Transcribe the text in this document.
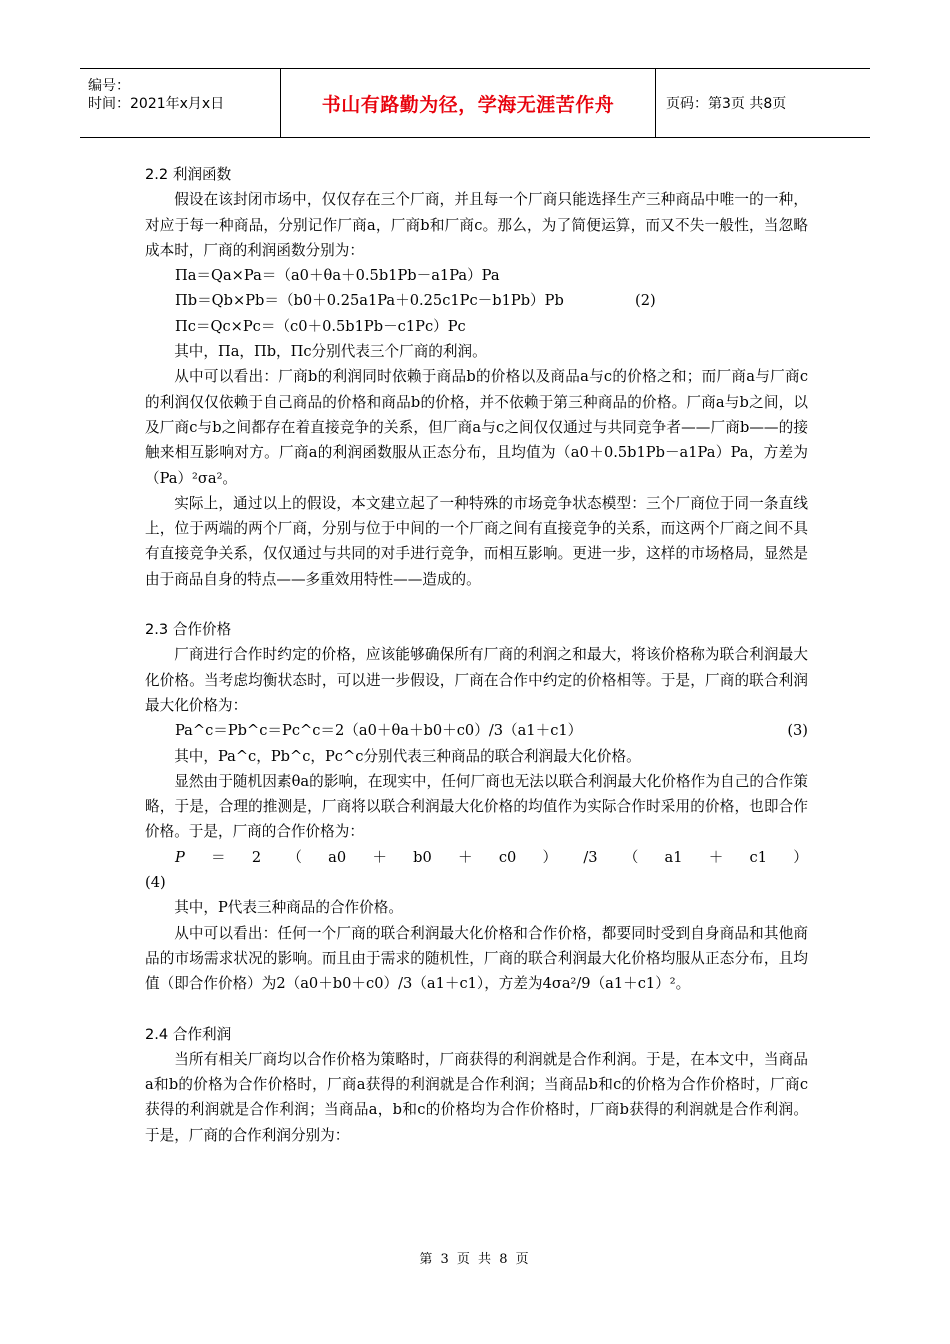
编号：
时间：2021年x月x日	书山有路勤为径，学海无涯苦作舟	页码：第3页 共8页

2.2 利润函数

假设在该封闭市场中，仅仅存在三个厂商，并且每一个厂商只能选择生产三种商品中唯一的一种，对应于每一种商品，分别记作厂商a，厂商b和厂商c。那么，为了简便运算，而又不失一般性，当忽略成本时，厂商的利润函数分别为：

Πa＝Qa×Pa＝（a0＋θa＋0.5b1Pb－a1Pa）Pa

Πb＝Qb×Pb＝（b0＋0.25a1Pa＋0.25c1Pc－b1Pb）Pb	(2)

Πc＝Qc×Pc＝（c0＋0.5b1Pb－c1Pc）Pc

其中，Πa，Πb，Πc分别代表三个厂商的利润。

从中可以看出：厂商b的利润同时依赖于商品b的价格以及商品a与c的价格之和；而厂商a与厂商c的利润仅仅依赖于自己商品的价格和商品b的价格，并不依赖于第三种商品的价格。厂商a与b之间，以及厂商c与b之间都存在着直接竞争的关系，但厂商a与c之间仅仅通过与共同竞争者——厂商b——的接触来相互影响对方。厂商a的利润函数服从正态分布，且均值为（a0＋0.5b1Pb－a1Pa）Pa，方差为（Pa）²σa²。

实际上，通过以上的假设，本文建立起了一种特殊的市场竞争状态模型：三个厂商位于同一条直线上，位于两端的两个厂商，分别与位于中间的一个厂商之间有直接竞争的关系，而这两个厂商之间不具有直接竞争关系，仅仅通过与共同的对手进行竞争，而相互影响。更进一步，这样的市场格局，显然是由于商品自身的特点——多重效用特性——造成的。

2.3 合作价格

厂商进行合作时约定的价格，应该能够确保所有厂商的利润之和最大，将该价格称为联合利润最大化价格。当考虑均衡状态时，可以进一步假设，厂商在合作中约定的价格相等。于是，厂商的联合利润最大化价格为：

Pa^c＝Pb^c＝Pc^c＝2（a0＋θa＋b0＋c0）/3（a1＋c1）	(3)

其中，Pa^c，Pb^c，Pc^c分别代表三种商品的联合利润最大化价格。

显然由于随机因素θa的影响，在现实中，任何厂商也无法以联合利润最大化价格作为自己的合作策略，于是，合理的推测是，厂商将以联合利润最大化价格的均值作为实际合作时采用的价格，也即合作价格。于是，厂商的合作价格为：

P ＝ 2 （ a0 ＋ b0 ＋ c0 ） /3 （ a1 ＋ c1 ）

(4)

其中，P代表三种商品的合作价格。

从中可以看出：任何一个厂商的联合利润最大化价格和合作价格，都要同时受到自身商品和其他商品的市场需求状况的影响。而且由于需求的随机性，厂商的联合利润最大化价格均服从正态分布，且均值（即合作价格）为2（a0＋b0＋c0）/3（a1＋c1），方差为4σa²/9（a1＋c1）²。

2.4 合作利润

当所有相关厂商均以合作价格为策略时，厂商获得的利润就是合作利润。于是，在本文中，当商品a和b的价格为合作价格时，厂商a获得的利润就是合作利润；当商品b和c的价格为合作价格时，厂商c获得的利润就是合作利润；当商品a，b和c的价格均为合作价格时，厂商b获得的利润就是合作利润。于是，厂商的合作利润分别为：

第 3 页 共 8 页
